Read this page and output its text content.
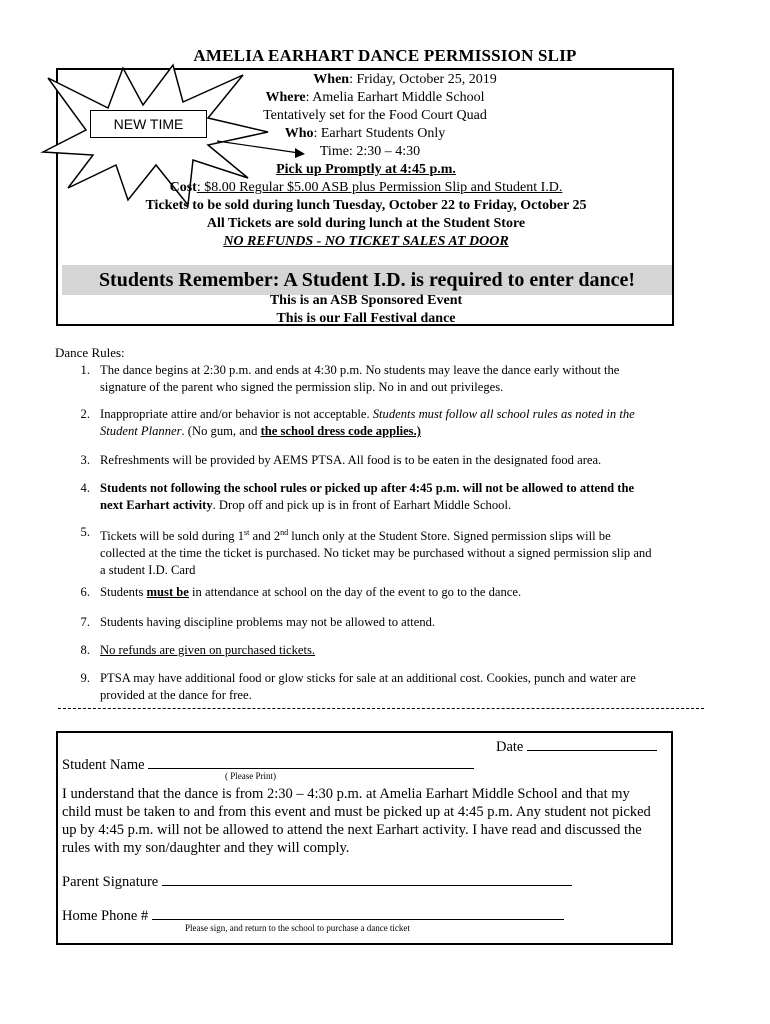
AMELIA EARHART DANCE PERMISSION SLIP
NEW TIME
When: Friday, October 25, 2019
Where: Amelia Earhart Middle School
Tentatively set for the Food Court Quad
Who: Earhart Students Only
Time: 2:30 – 4:30
Pick up Promptly at 4:45 p.m.
Cost: $8.00 Regular $5.00 ASB plus Permission Slip and Student I.D.
Tickets to be sold during lunch Tuesday, October 22 to Friday, October 25
All Tickets are sold during lunch at the Student Store
NO REFUNDS - NO TICKET SALES AT DOOR
Students Remember: A Student I.D. is required to enter dance!
This is an ASB Sponsored Event
This is our Fall Festival dance
Dance Rules:
1. The dance begins at 2:30 p.m. and ends at 4:30 p.m. No students may leave the dance early without the
signature of the parent who signed the permission slip. No in and out privileges.
2. Inappropriate attire and/or behavior is not acceptable. Students must follow all school rules as noted in the
Student Planner. (No gum, and the school dress code applies.)
3. Refreshments will be provided by AEMS PTSA. All food is to be eaten in the designated food area.
4. Students not following the school rules or picked up after 4:45 p.m. will not be allowed to attend the
next Earhart activity. Drop off and pick up is in front of Earhart Middle School.
5. Tickets will be sold during 1st and 2nd lunch only at the Student Store. Signed permission slips will be
collected at the time the ticket is purchased. No ticket may be purchased without a signed permission slip and
a student I.D. Card
6. Students must be in attendance at school on the day of the event to go to the dance.
7. Students having discipline problems may not be allowed to attend.
8. No refunds are given on purchased tickets.
9. PTSA may have additional food or glow sticks for sale at an additional cost. Cookies, punch and water are
provided at the dance for free.
Date
Student Name
( Please Print)
I understand that the dance is from 2:30 – 4:30 p.m. at Amelia Earhart Middle School and that my
child must be taken to and from this event and must be picked up at 4:45 p.m. Any student not picked
up by 4:45 p.m. will not be allowed to attend the next Earhart activity. I have read and discussed the
rules with my son/daughter and they will comply.
Parent Signature
Home Phone #
Please sign, and return to the school to purchase a dance ticket
